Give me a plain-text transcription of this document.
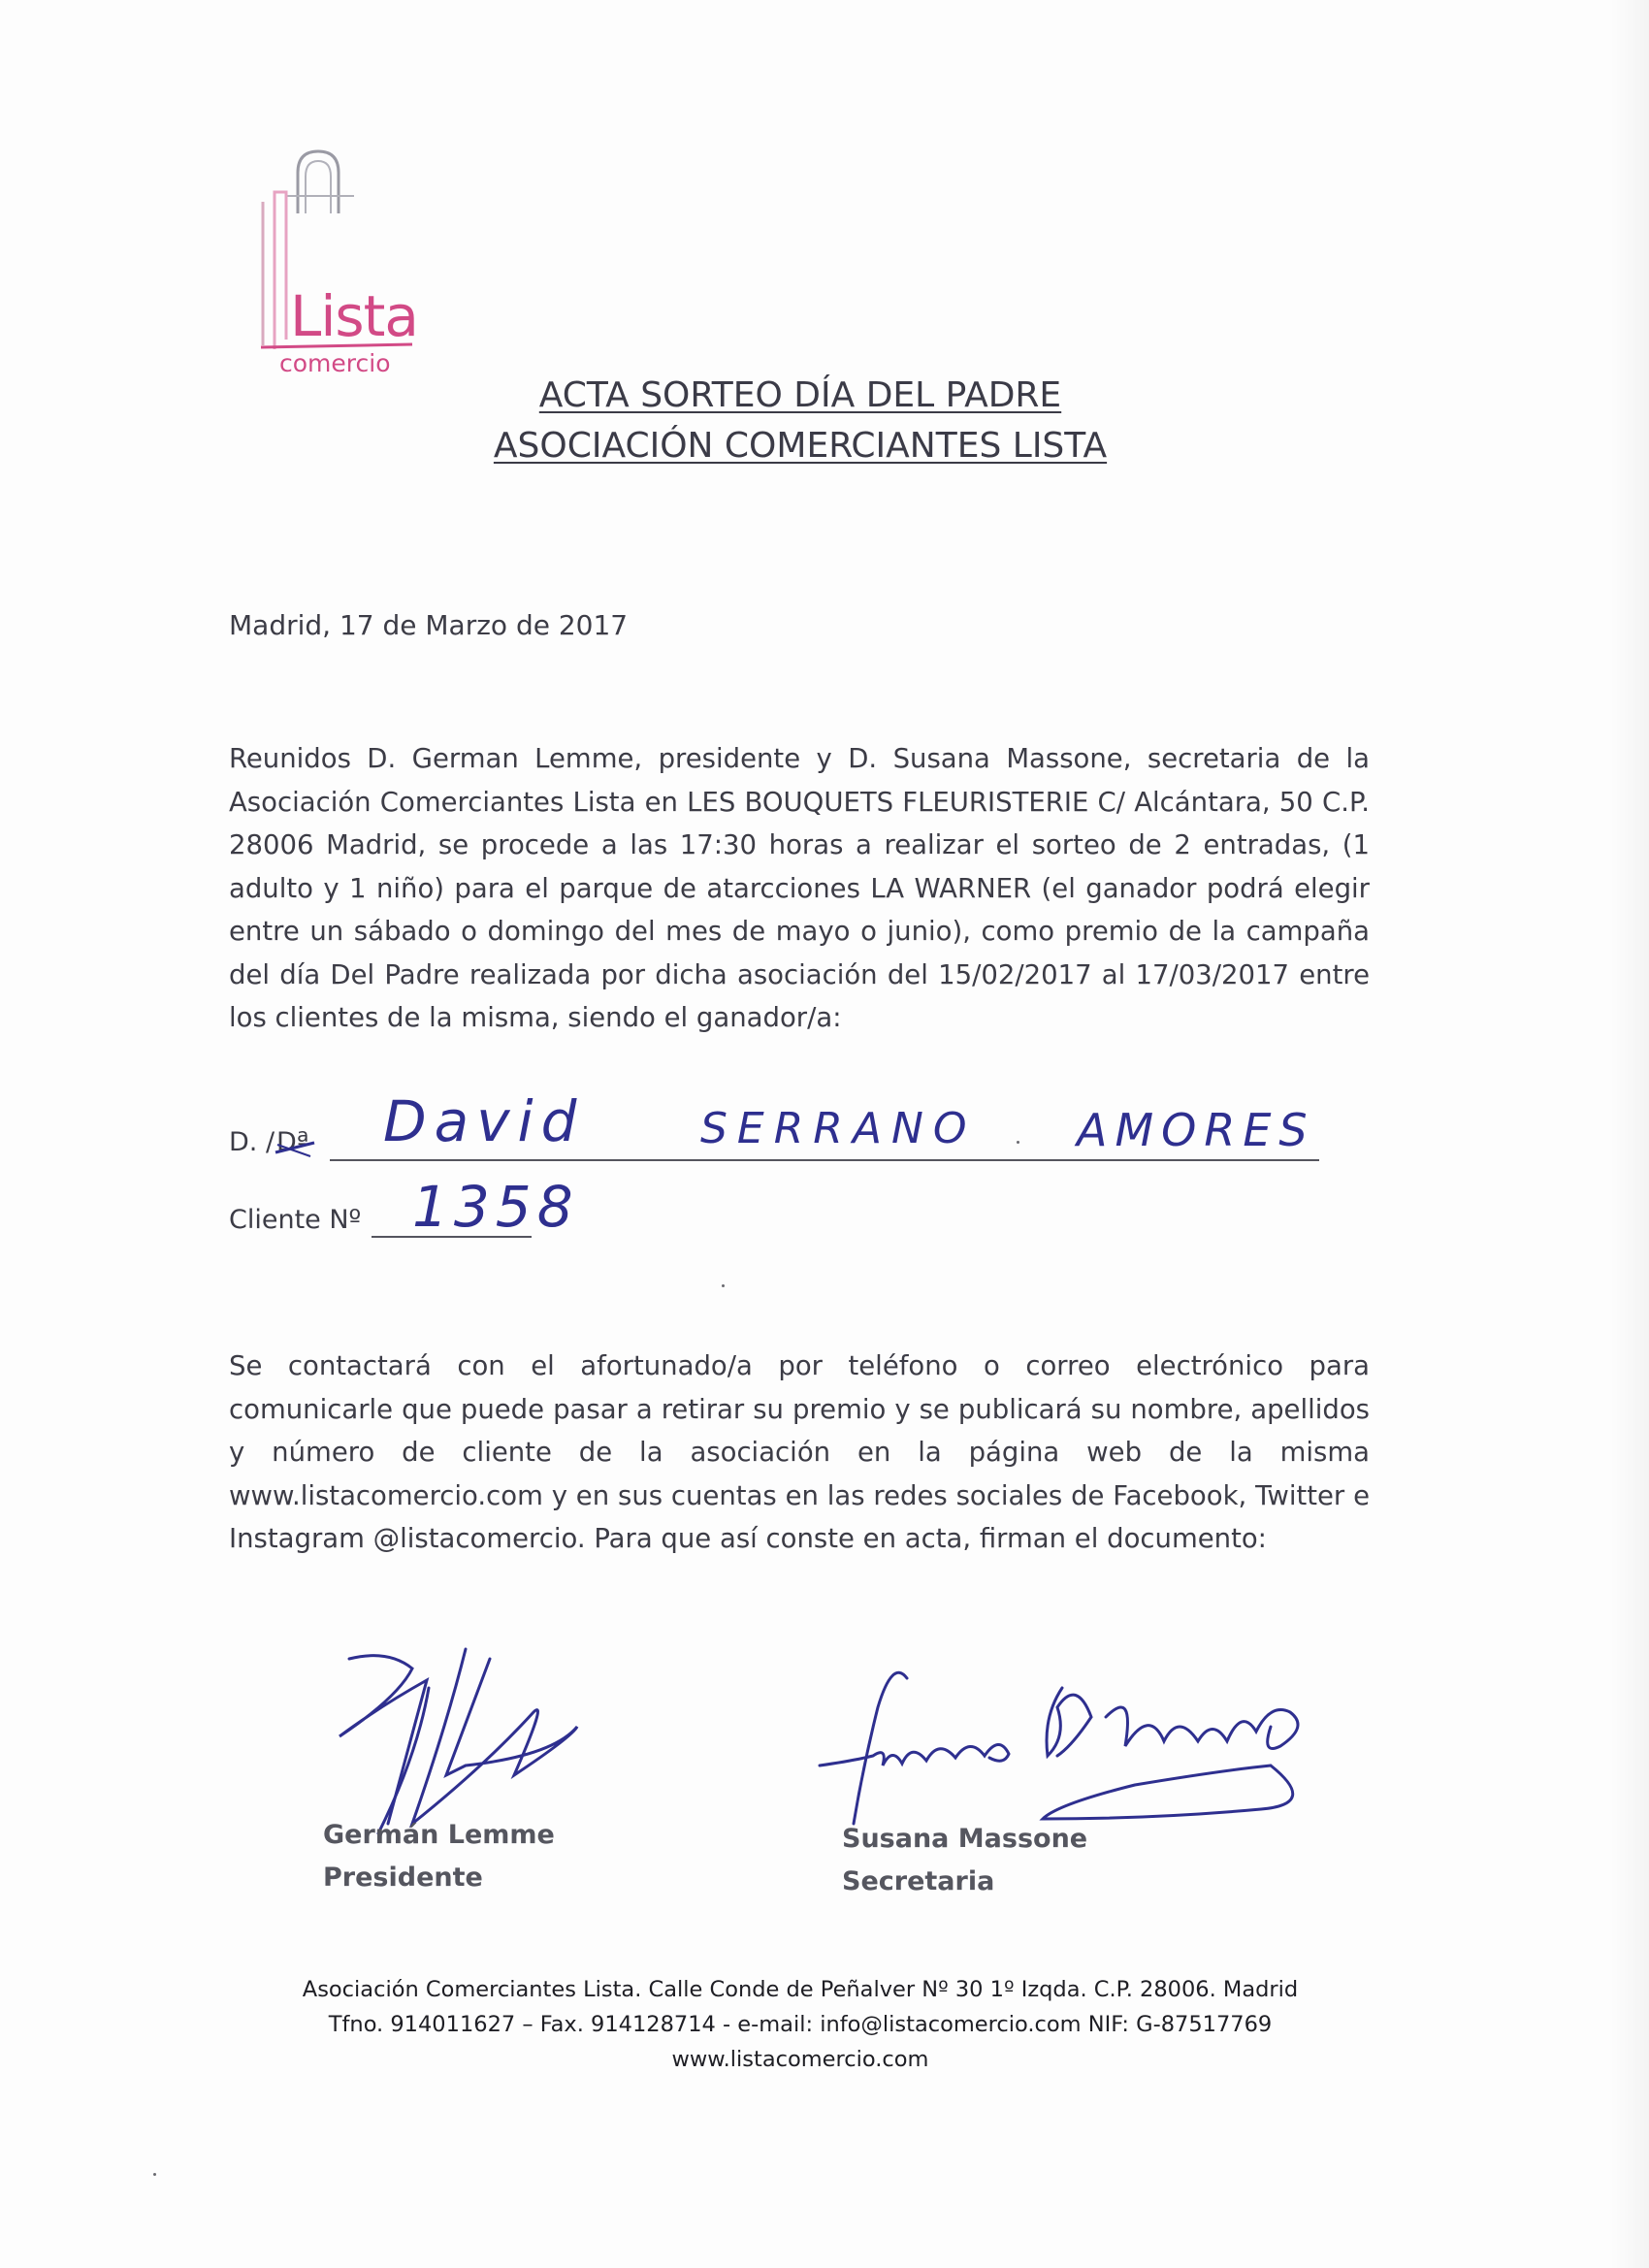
Lista
comercio
ACTA SORTEO DÍA DEL PADRE
ASOCIACIÓN COMERCIANTES LISTA
Madrid, 17 de Marzo de 2017
Reunidos D. German Lemme, presidente y D. Susana Massone, secretaria de la Asociación Comerciantes Lista en LES BOUQUETS FLEURISTERIE C/ Alcántara, 50 C.P. 28006 Madrid, se procede a las 17:30 horas a realizar el sorteo de 2 entradas, (1 adulto y 1 niño) para el parque de atarcciones LA WARNER (el ganador podrá elegir entre un sábado o domingo del mes de mayo o junio), como premio de la campaña del día Del Padre realizada por dicha asociación del 15/02/2017 al 17/03/2017 entre los clientes de la misma, siendo el ganador/a:
D. / Dª David	SERRANO AMORES
Cliente Nº 1358
Se contactará con el afortunado/a por teléfono o correo electrónico para comunicarle que puede pasar a retirar su premio y se publicará su nombre, apellidos y número de cliente de la asociación en la página web de la misma www.listacomercio.com y en sus cuentas en las redes sociales de Facebook, Twitter e Instagram @listacomercio. Para que así conste en acta, firman el documento:
Germán Lemme
Presidente
Susana Massone
Secretaria
Asociación Comerciantes Lista. Calle Conde de Peñalver Nº 30 1º Izqda. C.P. 28006. Madrid
Tfno. 914011627 – Fax. 914128714 - e-mail: info@listacomercio.com NIF: G-87517769
www.listacomercio.com
